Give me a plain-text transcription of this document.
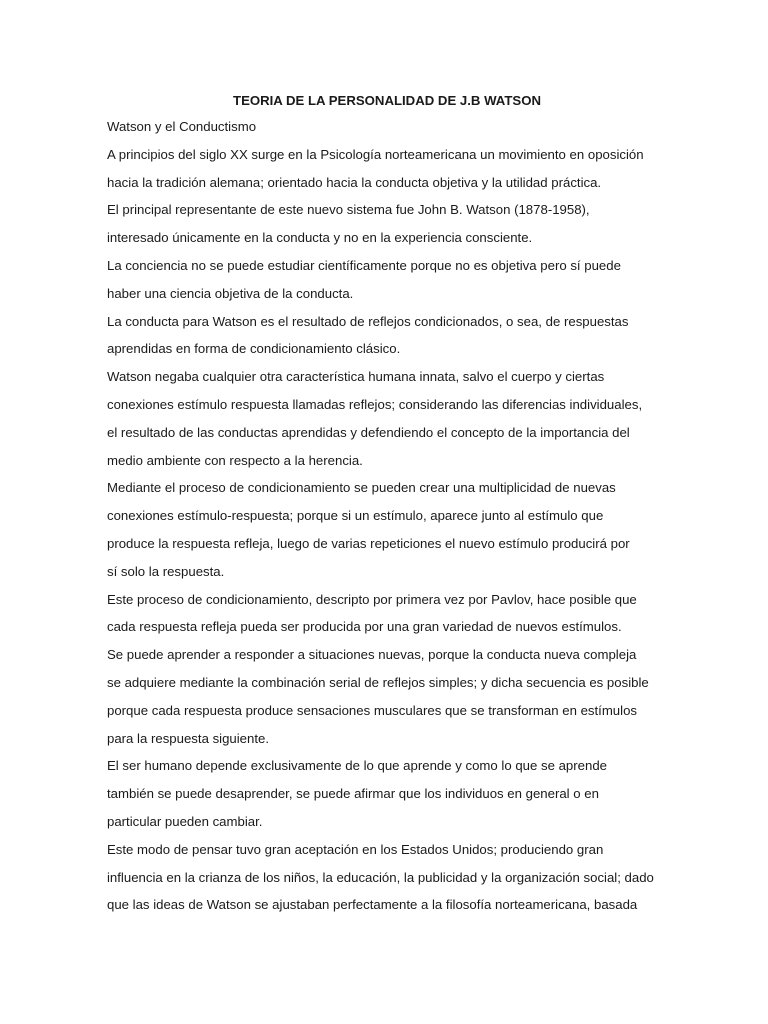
TEORIA DE LA PERSONALIDAD DE J.B WATSON
Watson y el Conductismo
A principios del siglo XX surge en la Psicología norteamericana un movimiento en oposición
hacia la tradición alemana; orientado hacia la conducta objetiva y la utilidad práctica.
El principal representante de este nuevo sistema fue John B. Watson (1878-1958),
interesado únicamente en la conducta y no en la experiencia consciente.
La conciencia no se puede estudiar científicamente porque no es objetiva pero sí puede
haber una ciencia objetiva de la conducta.
La conducta para Watson es el resultado de reflejos condicionados, o sea, de respuestas
aprendidas en forma de condicionamiento clásico.
Watson negaba cualquier otra característica humana innata, salvo el cuerpo y ciertas
conexiones estímulo respuesta llamadas reflejos; considerando las diferencias individuales,
el resultado de las conductas aprendidas y defendiendo el concepto de la importancia del
medio ambiente con respecto a la herencia.
Mediante el proceso de condicionamiento se pueden crear una multiplicidad de nuevas
conexiones estímulo-respuesta; porque si un estímulo, aparece junto al estímulo que
produce la respuesta refleja, luego de varias repeticiones el nuevo estímulo producirá por
sí solo la respuesta.
Este proceso de condicionamiento, descripto por primera vez por Pavlov, hace posible que
cada respuesta refleja pueda ser producida por una gran variedad de nuevos estímulos.
Se puede aprender a responder a situaciones nuevas, porque la conducta nueva compleja
se adquiere mediante la combinación serial de reflejos simples; y dicha secuencia es posible
porque cada respuesta produce sensaciones musculares que se transforman en estímulos
para la respuesta siguiente.
El ser humano depende exclusivamente de lo que aprende y como lo que se aprende
también se puede desaprender, se puede afirmar que los individuos en general o en
particular pueden cambiar.
Este modo de pensar tuvo gran aceptación en los Estados Unidos; produciendo gran
influencia en la crianza de los niños, la educación, la publicidad y la organización social; dado
que las ideas de Watson se ajustaban perfectamente a la filosofía norteamericana, basada
